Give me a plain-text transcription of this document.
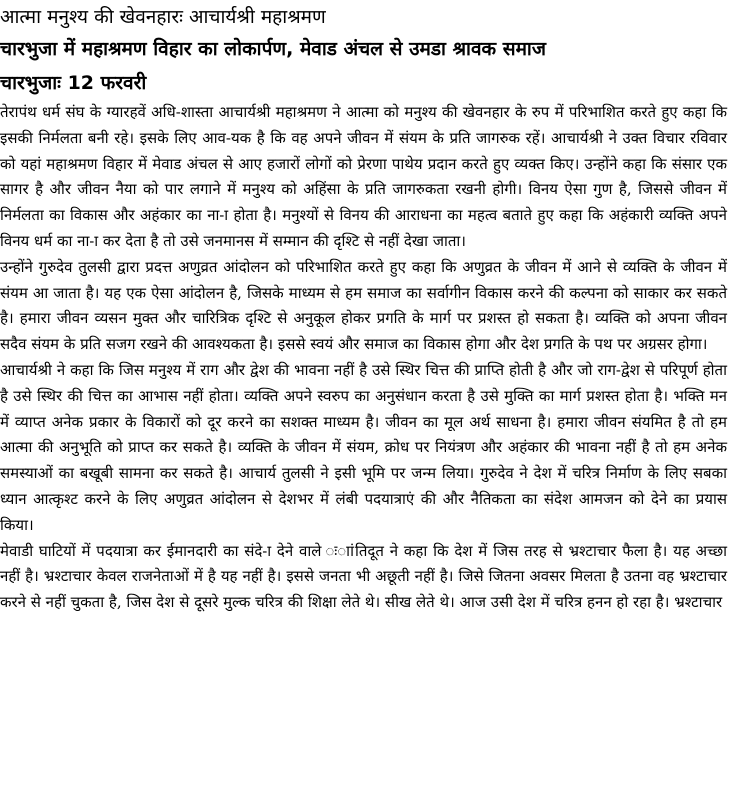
आत्मा मनुश्य की खेवनहारः आचार्यश्री महाश्रमण
चारभुजा में महाश्रमण विहार का लोकार्पण, मेवाड अंचल से उमडा श्रावक समाज
चारभुजाः 12 फरवरी

तेरापंथ धर्म संघ के ग्यारहवें अधि-शास्ता आचार्यश्री महाश्रमण ने आत्मा को मनुश्य की खेवनहार के रुप में परिभाशित करते हुए कहा कि इसकी निर्मलता बनी रहे। इसके लिए आव-यक है कि वह अपने जीवन में संयम के प्रति जागरुक रहें। आचार्यश्री ने उक्त विचार रविवार को यहां महाश्रमण विहार में मेवाड अंचल से आए हजारों लोगों को प्रेरणा पाथेय प्रदान करते हुए व्यक्त किए। उन्होंने कहा कि संसार एक सागर है और जीवन नैया को पार लगाने में मनुश्य को अहिंसा के प्रति जागरुकता रखनी होगी। विनय ऐसा गुण है, जिससे जीवन में निर्मलता का विकास और अहंकार का ना-ा होता है। मनुश्यों से विनय की आराधना का महत्व बताते हुए कहा कि अहंकारी व्यक्ति अपने विनय धर्म का ना-ा कर देता है तो उसे जनमानस में सम्मान की दृश्टि से नहीं देखा जाता।

उन्होंने गुरुदेव तुलसी द्वारा प्रदत्त अणुव्रत आंदोलन को परिभाशित करते हुए कहा कि अणुव्रत के जीवन में आने से व्यक्ति के जीवन में संयम आ जाता है। यह एक ऐसा आंदोलन है, जिसके माध्यम से हम समाज का सर्वागीन विकास करने की कल्पना को साकार कर सकते है। हमारा जीवन व्यसन मुक्त और चारित्रिक दृश्टि से अनुकूल होकर प्रगति के मार्ग पर प्रशस्त हो सकता है। व्यक्ति को अपना जीवन सदैव संयम के प्रति सजग रखने की आवश्यकता है। इससे स्वयं और समाज का विकास होगा और देश प्रगति के पथ पर अग्रसर होगा।

आचार्यश्री ने कहा कि जिस मनुश्य में राग और द्वेश की भावना नहीं है उसे स्थिर चित्त की प्राप्ति होती है और जो राग-द्वेश से परिपूर्ण होता है उसे स्थिर की चित्त का आभास नहीं होता। व्यक्ति अपने स्वरुप का अनुसंधान करता है उसे मुक्ति का मार्ग प्रशस्त होता है। भक्ति मन में व्याप्त अनेक प्रकार के विकारों को दूर करने का सशक्त माध्यम है। जीवन का मूल अर्थ साधना है। हमारा जीवन संयमित है तो हम आत्मा की अनुभूति को प्राप्त कर सकते है। व्यक्ति के जीवन में संयम, क्रोध पर नियंत्रण और अहंकार की भावना नहीं है तो हम अनेक समस्याओं का बखूबी सामना कर सकते है। आचार्य तुलसी ने इसी भूमि पर जन्म लिया। गुरुदेव ने देश में चरित्र निर्माण के लिए सबका ध्यान आत्कृश्ट करने के लिए अणुव्रत आंदोलन से देशभर में लंबी पदयात्राएं की और नैतिकता का संदेश आमजन को देने का प्रयास किया।

मेवाडी घाटियों में पदयात्रा कर ईमानदारी का संदे-ा देने वाले ःाांतिदूत ने कहा कि देश में जिस तरह से भ्रश्टाचार फैला है। यह अच्छा नहीं है। भ्रश्टाचार केवल राजनेताओं में है यह नहीं है। इससे जनता भी अछूती नहीं है। जिसे जितना अवसर मिलता है उतना वह भ्रश्टाचार करने से नहीं चुकता है, जिस देश से दूसरे मुल्क चरित्र की शिक्षा लेते थे। सीख लेते थे। आज उसी देश में चरित्र हनन हो रहा है। भ्रश्टाचार
